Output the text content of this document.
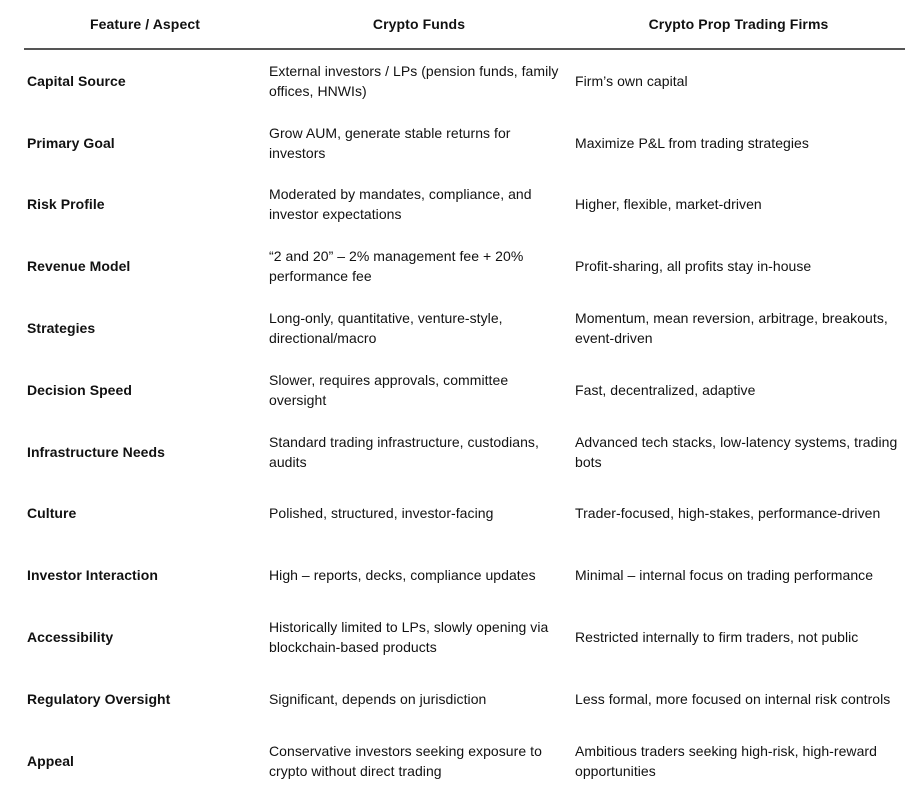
Feature / Aspect	Crypto Funds	Crypto Prop Trading Firms
Capital Source	External investors / LPs (pension funds, family offices, HNWIs)	Firm’s own capital
Primary Goal	Grow AUM, generate stable returns for investors	Maximize P&L from trading strategies
Risk Profile	Moderated by mandates, compliance, and investor expectations	Higher, flexible, market-driven
Revenue Model	“2 and 20” – 2% management fee + 20% performance fee	Profit-sharing, all profits stay in-house
Strategies	Long-only, quantitative, venture-style, directional/macro	Momentum, mean reversion, arbitrage, breakouts, event-driven
Decision Speed	Slower, requires approvals, committee oversight	Fast, decentralized, adaptive
Infrastructure Needs	Standard trading infrastructure, custodians, audits	Advanced tech stacks, low-latency systems, trading bots
Culture	Polished, structured, investor-facing	Trader-focused, high-stakes, performance-driven
Investor Interaction	High – reports, decks, compliance updates	Minimal – internal focus on trading performance
Accessibility	Historically limited to LPs, slowly opening via blockchain-based products	Restricted internally to firm traders, not public
Regulatory Oversight	Significant, depends on jurisdiction	Less formal, more focused on internal risk controls
Appeal	Conservative investors seeking exposure to crypto without direct trading	Ambitious traders seeking high-risk, high-reward opportunities
